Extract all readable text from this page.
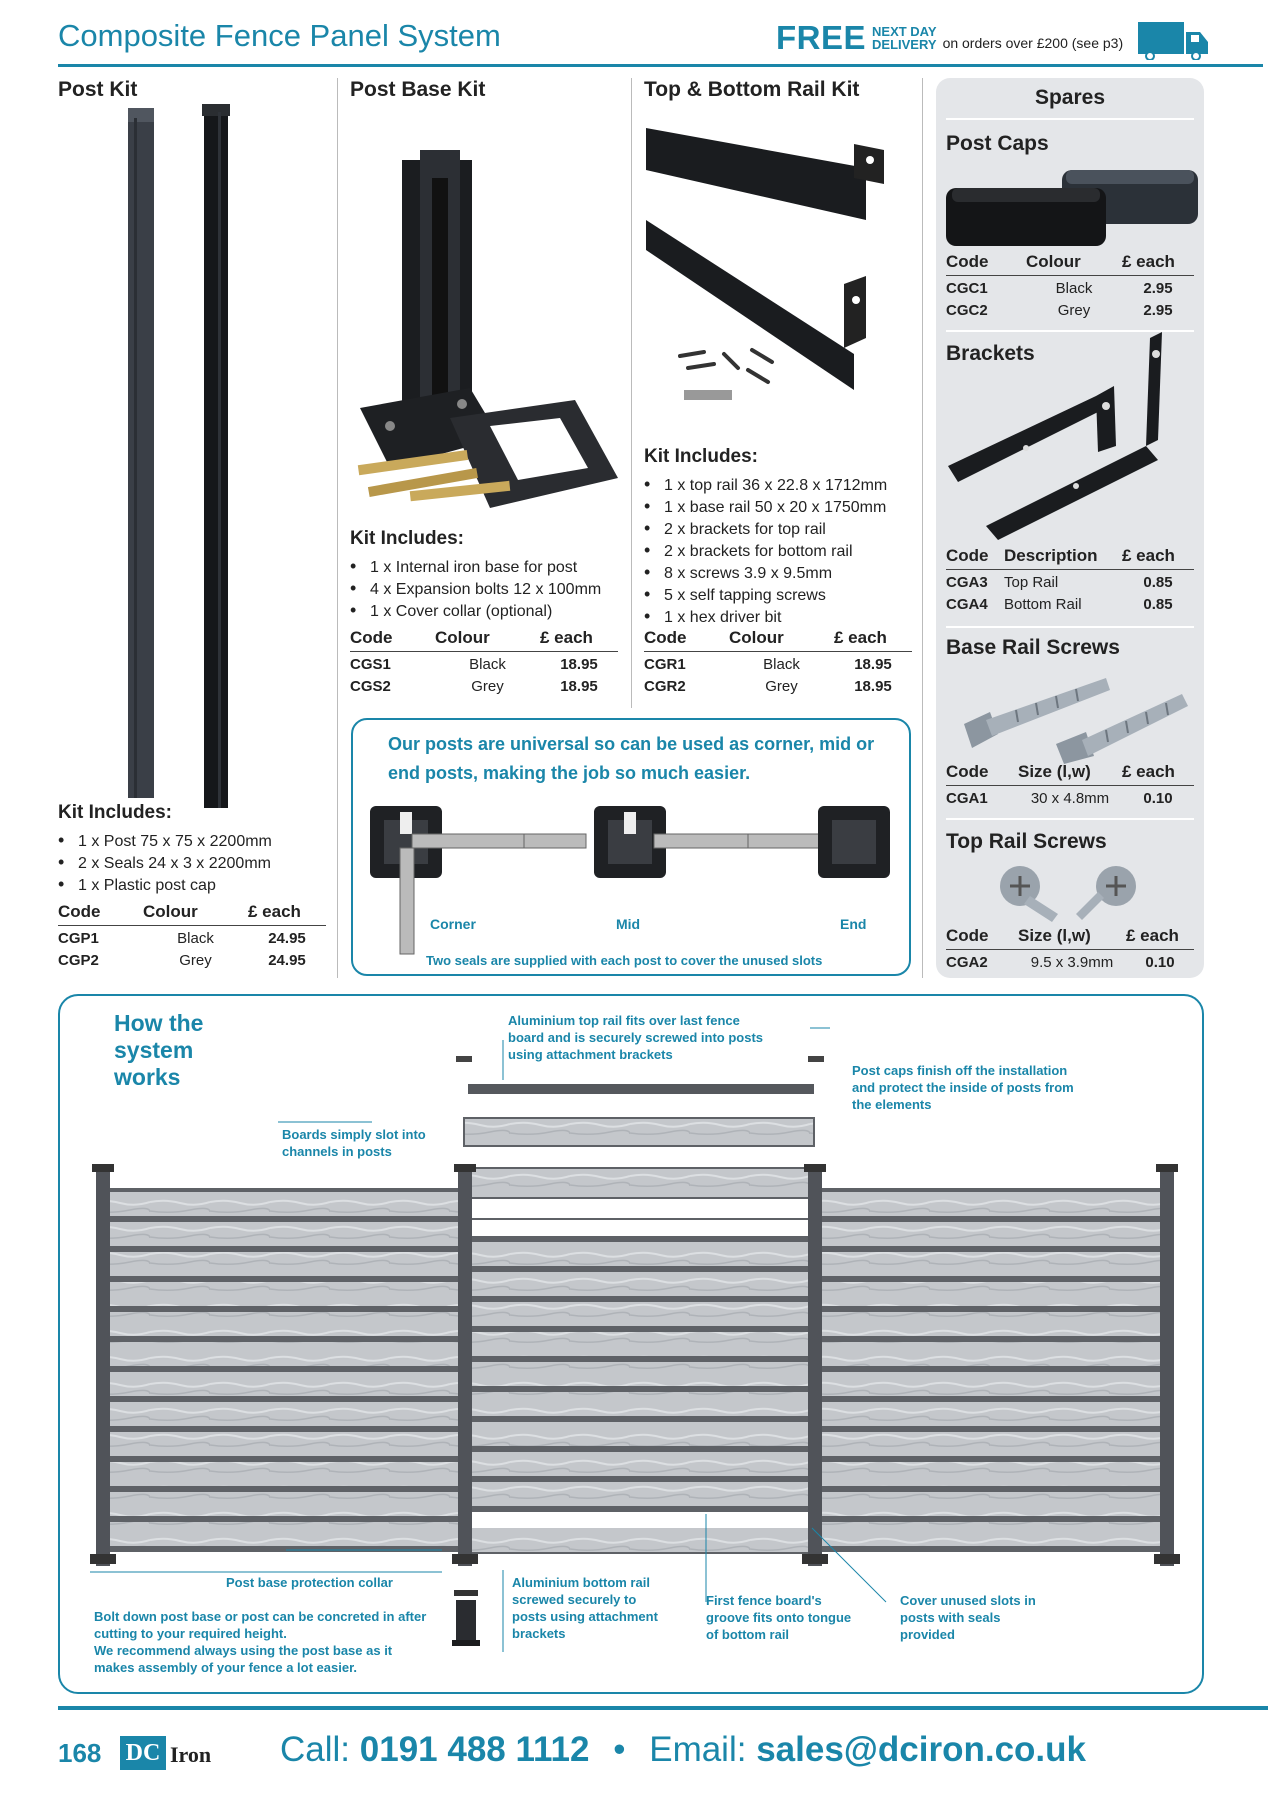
Composite Fence Panel System	FREE NEXT DAY
DELIVERY on orders over £200 (see p3)
Post Kit
Kit Includes:
• 1 x Post 75 x 75 x 2200mm
• 2 x Seals 24 x 3 x 2200mm
• 1 x Plastic post cap
Code	Colour	£ each
CGP1	Black	24.95
CGP2	Grey	24.95
Post Base Kit
Kit Includes:
• 1 x Internal iron base for post
• 4 x Expansion bolts 12 x 100mm
• 1 x Cover collar (optional)
Code	Colour	£ each
CGS1	Black	18.95
CGS2	Grey	18.95
Top & Bottom Rail Kit
Kit Includes:
• 1 x top rail 36 x 22.8 x 1712mm
• 1 x base rail 50 x 20 x 1750mm
• 2 x brackets for top rail
• 2 x brackets for bottom rail
• 8 x screws 3.9 x 9.5mm
• 5 x self tapping screws
• 1 x hex driver bit
Code	Colour	£ each
CGR1	Black	18.95
CGR2	Grey	18.95
Our posts are universal so can be used as corner, mid or end posts, making the job so much easier.
Corner	Mid	End
Two seals are supplied with each post to cover the unused slots
Spares
Post Caps
Code	Colour	£ each
CGC1	Black	2.95
CGC2	Grey	2.95
Brackets
Code	Description	£ each
CGA3	Top Rail	0.85
CGA4	Bottom Rail	0.85
Base Rail Screws
Code	Size (l,w)	£ each
CGA1	30 x 4.8mm	0.10
Top Rail Screws
Code	Size (l,w)	£ each
CGA2	9.5 x 3.9mm	0.10
How the system works
Aluminium top rail fits over last fence board and is securely screwed into posts using attachment brackets
Post caps finish off the installation and protect the inside of posts from the elements
Boards simply slot into channels in posts
Post base protection collar
Bolt down post base or post can be concreted in after cutting to your required height.
We recommend always using the post base as it makes assembly of your fence a lot easier.
Aluminium bottom rail screwed securely to posts using attachment brackets
First fence board's groove fits onto tongue of bottom rail
Cover unused slots in posts with seals provided
168 DC Iron Call: 0191 488 1112 • Email: sales@dciron.co.uk
